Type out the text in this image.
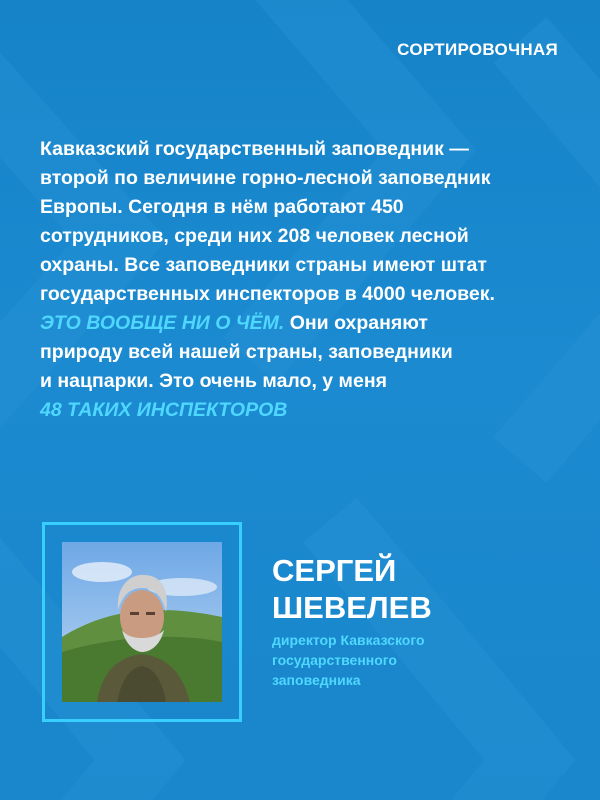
СОРТИРОВОЧНАЯ

Кавказский государственный заповедник —

второй по величине горно-лесной заповедник

Европы. Сегодня в нём работают 450

сотрудников, среди них 208 человек лесной

охраны. Все заповедники страны имеют штат

государственных инспекторов в 4000 человек.

ЭТО ВООБЩЕ НИ О ЧЁМ. Они охраняют

природу всей нашей страны, заповедники

и нацпарки. Это очень мало, у меня

48 ТАКИХ ИНСПЕКТОРОВ

СЕРГЕЙ
ШЕВЕЛЕВ

директор Кавказского
государственного
заповедника
